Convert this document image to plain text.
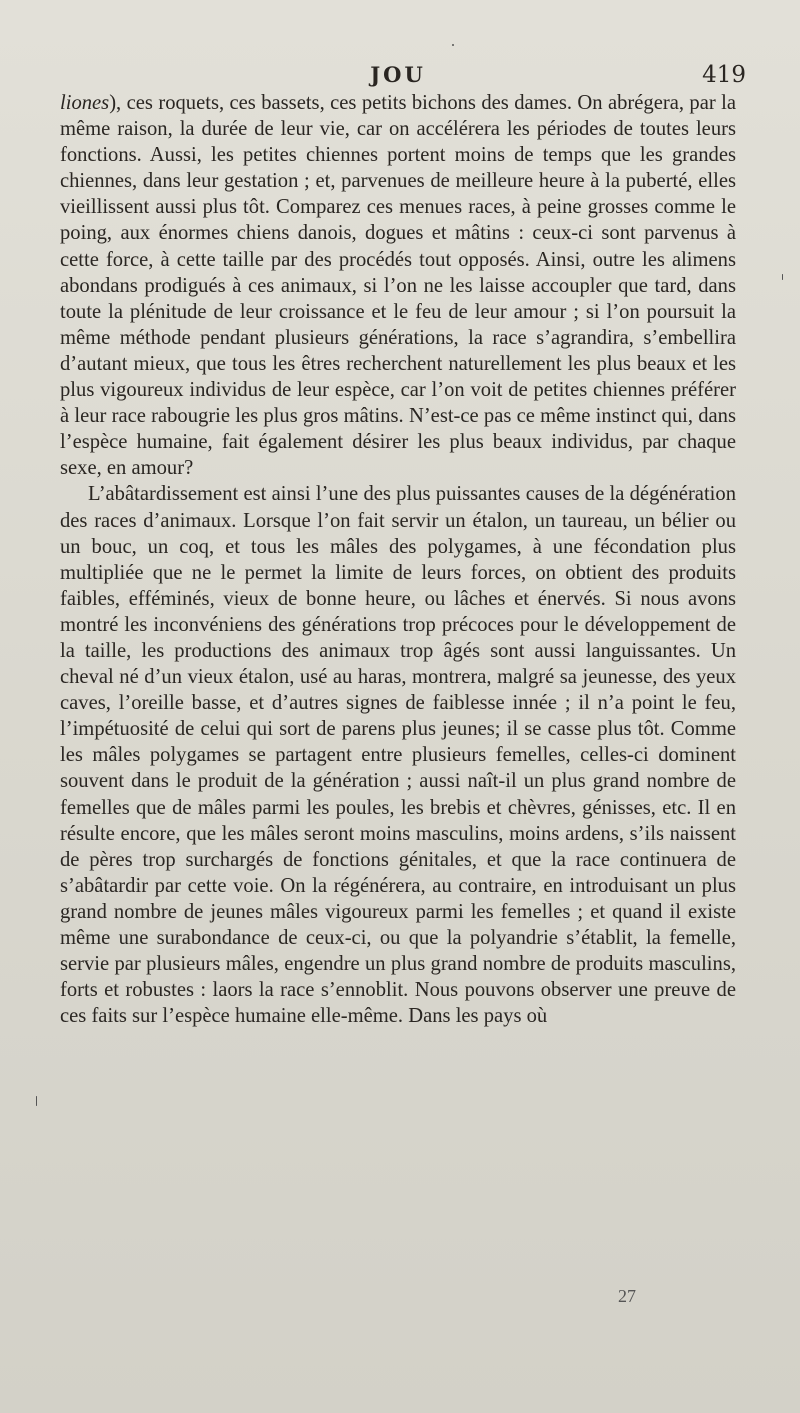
JOU	419

liones), ces roquets, ces bassets, ces petits bichons des dames. On abrégera, par la même raison, la durée de leur vie, car on accélérera les périodes de toutes leurs fonctions. Aussi, les petites chiennes portent moins de temps que les grandes chiennes, dans leur gestation ; et, parvenues de meilleure heure à la puberté, elles vieillissent aussi plus tôt. Comparez ces menues races, à peine grosses comme le poing, aux énormes chiens danois, dogues et mâtins : ceux-ci sont parvenus à cette force, à cette taille par des procédés tout opposés. Ainsi, outre les alimens abondans prodigués à ces animaux, si l’on ne les laisse accoupler que tard, dans toute la plénitude de leur croissance et le feu de leur amour ; si l’on poursuit la même méthode pendant plusieurs générations, la race s’agrandira, s’embellira d’autant mieux, que tous les êtres recherchent naturellement les plus beaux et les plus vigoureux individus de leur espèce, car l’on voit de petites chiennes préférer à leur race rabougrie les plus gros mâtins. N’est-ce pas ce même instinct qui, dans l’espèce humaine, fait également désirer les plus beaux individus, par chaque sexe, en amour?

L’abâtardissement est ainsi l’une des plus puissantes causes de la dégénération des races d’animaux. Lorsque l’on fait servir un étalon, un taureau, un bélier ou un bouc, un coq, et tous les mâles des polygames, à une fécondation plus multipliée que ne le permet la limite de leurs forces, on obtient des produits faibles, efféminés, vieux de bonne heure, ou lâches et énervés. Si nous avons montré les inconvéniens des générations trop précoces pour le développement de la taille, les productions des animaux trop âgés sont aussi languissantes. Un cheval né d’un vieux étalon, usé au haras, montrera, malgré sa jeunesse, des yeux caves, l’oreille basse, et d’autres signes de faiblesse innée ; il n’a point le feu, l’impétuosité de celui qui sort de parens plus jeunes; il se casse plus tôt. Comme les mâles polygames se partagent entre plusieurs femelles, celles-ci dominent souvent dans le produit de la génération ; aussi naît-il un plus grand nombre de femelles que de mâles parmi les poules, les brebis et chèvres, génisses, etc. Il en résulte encore, que les mâles seront moins masculins, moins ardens, s’ils naissent de pères trop surchargés de fonctions génitales, et que la race continuera de s’abâtardir par cette voie. On la régénérera, au contraire, en introduisant un plus grand nombre de jeunes mâles vigoureux parmi les femelles ; et quand il existe même une surabondance de ceux-ci, ou que la polyandrie s’établit, la femelle, servie par plusieurs mâles, engendre un plus grand nombre de produits masculins, forts et robustes : laors la race s’ennoblit. Nous pouvons observer une preuve de ces faits sur l’espèce humaine elle-même. Dans les pays où

27
